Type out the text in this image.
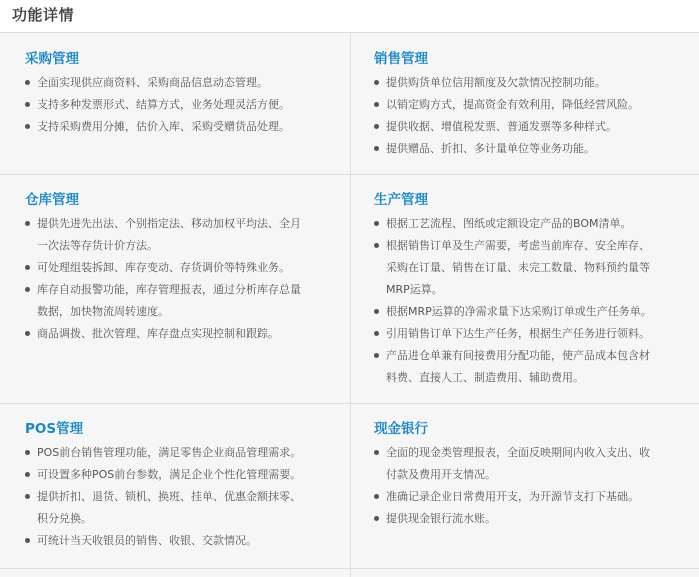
功能详情
采购管理
全面实现供应商资料、采购商品信息动态管理。
支持多种发票形式、结算方式，业务处理灵活方便。
支持采购费用分摊，估价入库、采购受赠货品处理。
销售管理
提供购货单位信用额度及欠款情况控制功能。
以销定购方式，提高资金有效利用，降低经营风险。
提供收据、增值税发票、普通发票等多种样式。
提供赠品、折扣、多计量单位等业务功能。
仓库管理
提供先进先出法、个别指定法、移动加权平均法、全月
一次法等存货计价方法。
可处理组装拆卸、库存变动、存货调价等特殊业务。
库存自动报警功能，库存管理报表，通过分析库存总量
数据，加快物流周转速度。
商品调拨、批次管理、库存盘点实现控制和跟踪。
生产管理
根据工艺流程、图纸或定额设定产品的BOM清单。
根据销售订单及生产需要，考虑当前库存、安全库存、
采购在订量、销售在订量、未完工数量、物料预约量等
MRP运算。
根据MRP运算的净需求量下达采购订单或生产任务单。
引用销售订单下达生产任务，根据生产任务进行领料。
产品进仓单兼有间接费用分配功能，使产品成本包含材
料费、直接人工、制造费用、辅助费用。
POS管理
POS前台销售管理功能，满足零售企业商品管理需求。
可设置多种POS前台参数，满足企业个性化管理需要。
提供折扣、退货、锁机、换班、挂单、优惠金额抹零、
积分兑换。
可统计当天收银员的销售、收银、交款情况。
现金银行
全面的现金类管理报表，全面反映期间内收入支出、收
付款及费用开支情况。
准确记录企业日常费用开支，为开源节支打下基础。
提供现金银行流水账。
